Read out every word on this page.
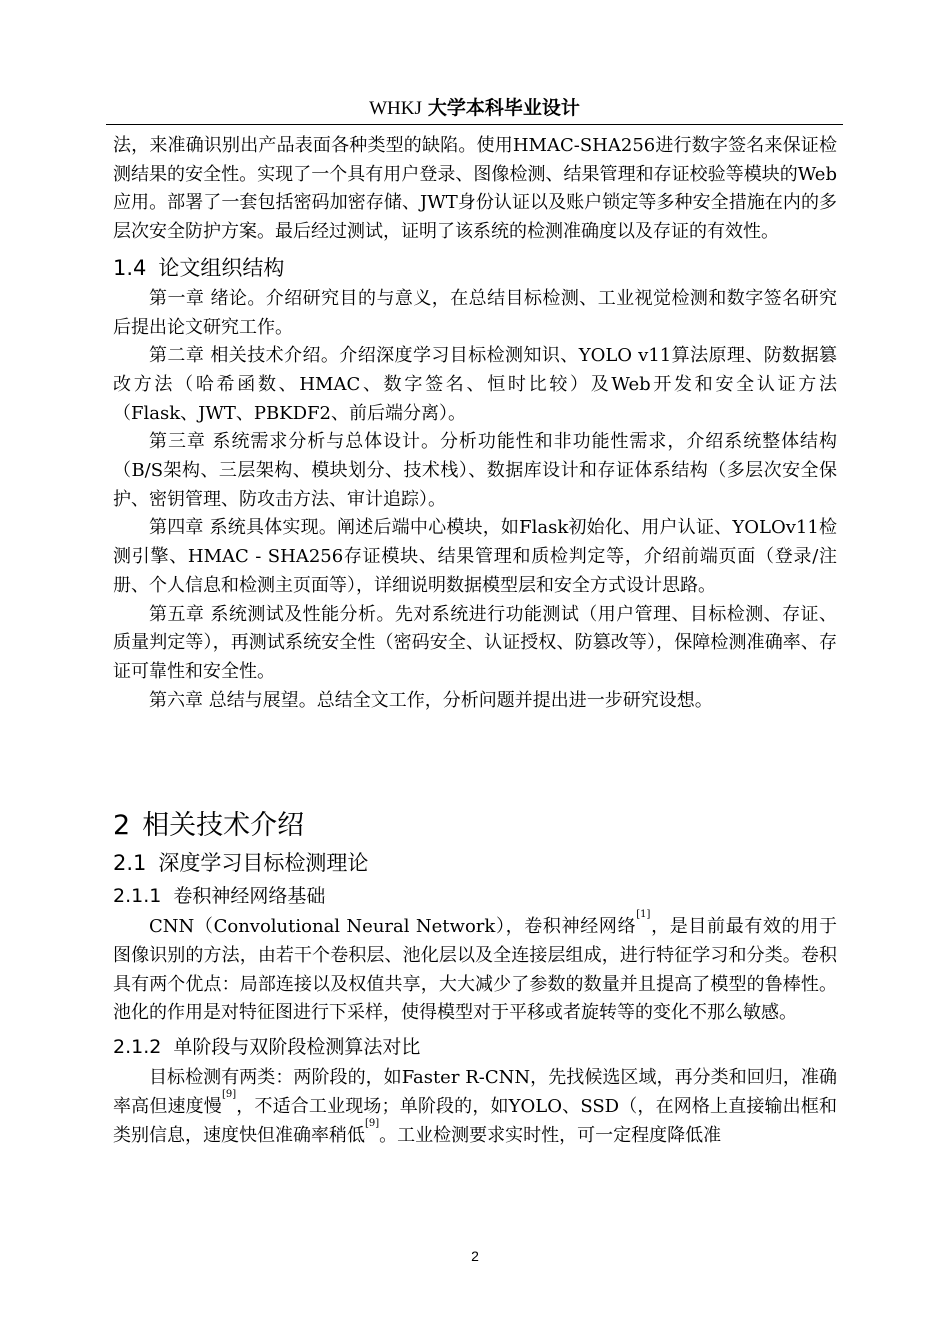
WHKJ 大学本科毕业设计

法，来准确识别出产品表面各种类型的缺陷。使用HMAC-SHA256进行数字签名来保证检测结果的安全性。实现了一个具有用户登录、图像检测、结果管理和存证校验等模块的Web应用。部署了一套包括密码加密存储、JWT身份认证以及账户锁定等多种安全措施在内的多层次安全防护方案。最后经过测试，证明了该系统的检测准确度以及存证的有效性。

1.4 论文组织结构

第一章 绪论。介绍研究目的与意义，在总结目标检测、工业视觉检测和数字签名研究后提出论文研究工作。

第二章 相关技术介绍。介绍深度学习目标检测知识、YOLO v11算法原理、防数据篡改方法（哈希函数、HMAC、数字签名、恒时比较）及Web开发和安全认证方法（Flask、JWT、PBKDF2、前后端分离）。

第三章 系统需求分析与总体设计。分析功能性和非功能性需求，介绍系统整体结构（B/S架构、三层架构、模块划分、技术栈）、数据库设计和存证体系结构（多层次安全保护、密钥管理、防攻击方法、审计追踪）。

第四章 系统具体实现。阐述后端中心模块，如Flask初始化、用户认证、YOLOv11检测引擎、HMAC - SHA256存证模块、结果管理和质检判定等，介绍前端页面（登录/注册、个人信息和检测主页面等），详细说明数据模型层和安全方式设计思路。

第五章 系统测试及性能分析。先对系统进行功能测试（用户管理、目标检测、存证、质量判定等），再测试系统安全性（密码安全、认证授权、防篡改等），保障检测准确率、存证可靠性和安全性。

第六章 总结与展望。总结全文工作，分析问题并提出进一步研究设想。

2 相关技术介绍
2.1 深度学习目标检测理论
2.1.1 卷积神经网络基础

CNN（Convolutional Neural Network），卷积神经网络[1]，是目前最有效的用于图像识别的方法，由若干个卷积层、池化层以及全连接层组成，进行特征学习和分类。卷积具有两个优点：局部连接以及权值共享，大大减少了参数的数量并且提高了模型的鲁棒性。池化的作用是对特征图进行下采样，使得模型对于平移或者旋转等的变化不那么敏感。

2.1.2 单阶段与双阶段检测算法对比

目标检测有两类：两阶段的，如Faster R-CNN，先找候选区域，再分类和回归，准确率高但速度慢[9]，不适合工业现场；单阶段的，如YOLO、SSD（，在网格上直接输出框和类别信息，速度快但准确率稍低[9]。工业检测要求实时性，可一定程度降低准

2
